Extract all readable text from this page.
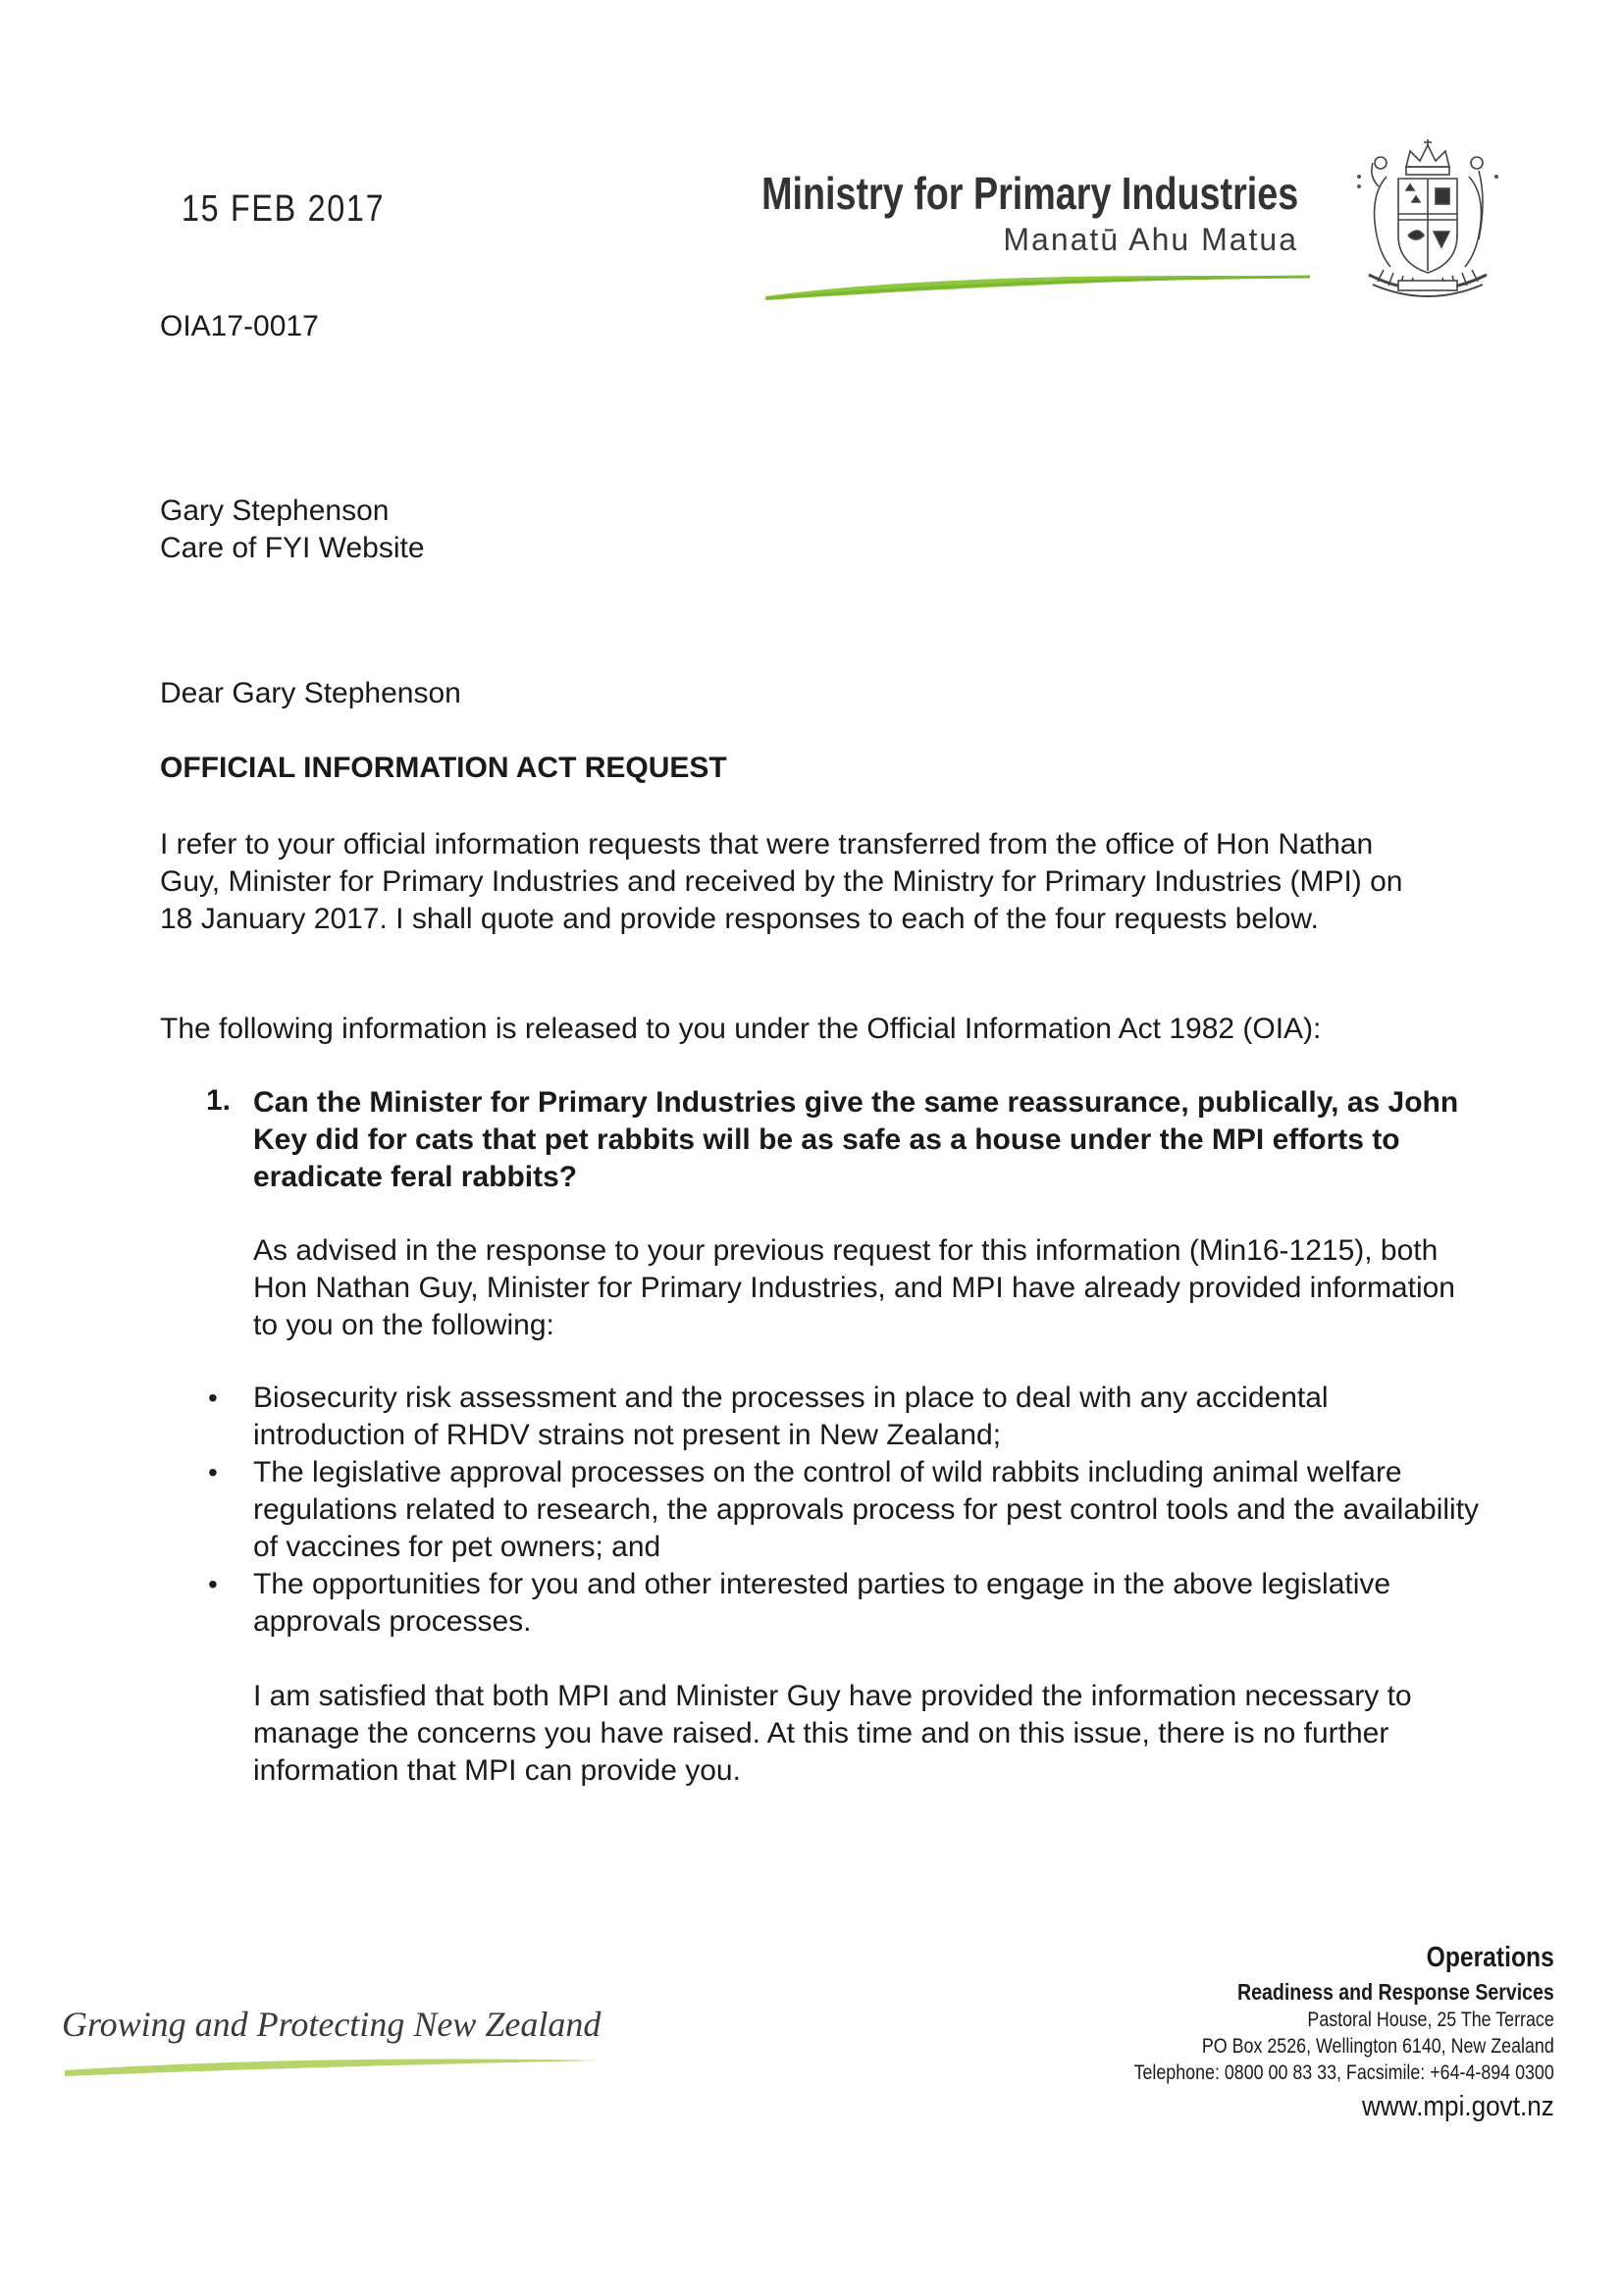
15 FEB 2017	Ministry for Primary Industries
Manatū Ahu Matua
OIA17-0017
Gary Stephenson
Care of FYI Website
Dear Gary Stephenson
OFFICIAL INFORMATION ACT REQUEST
I refer to your official information requests that were transferred from the office of Hon Nathan Guy, Minister for Primary Industries and received by the Ministry for Primary Industries (MPI) on 18 January 2017. I shall quote and provide responses to each of the four requests below.
The following information is released to you under the Official Information Act 1982 (OIA):
1. Can the Minister for Primary Industries give the same reassurance, publically, as John Key did for cats that pet rabbits will be as safe as a house under the MPI efforts to eradicate feral rabbits?
As advised in the response to your previous request for this information (Min16-1215), both Hon Nathan Guy, Minister for Primary Industries, and MPI have already provided information to you on the following:
• Biosecurity risk assessment and the processes in place to deal with any accidental introduction of RHDV strains not present in New Zealand;
• The legislative approval processes on the control of wild rabbits including animal welfare regulations related to research, the approvals process for pest control tools and the availability of vaccines for pet owners; and
• The opportunities for you and other interested parties to engage in the above legislative approvals processes.
I am satisfied that both MPI and Minister Guy have provided the information necessary to manage the concerns you have raised. At this time and on this issue, there is no further information that MPI can provide you.
Growing and Protecting New Zealand
Operations
Readiness and Response Services
Pastoral House, 25 The Terrace
PO Box 2526, Wellington 6140, New Zealand
Telephone: 0800 00 83 33, Facsimile: +64-4-894 0300
www.mpi.govt.nz
